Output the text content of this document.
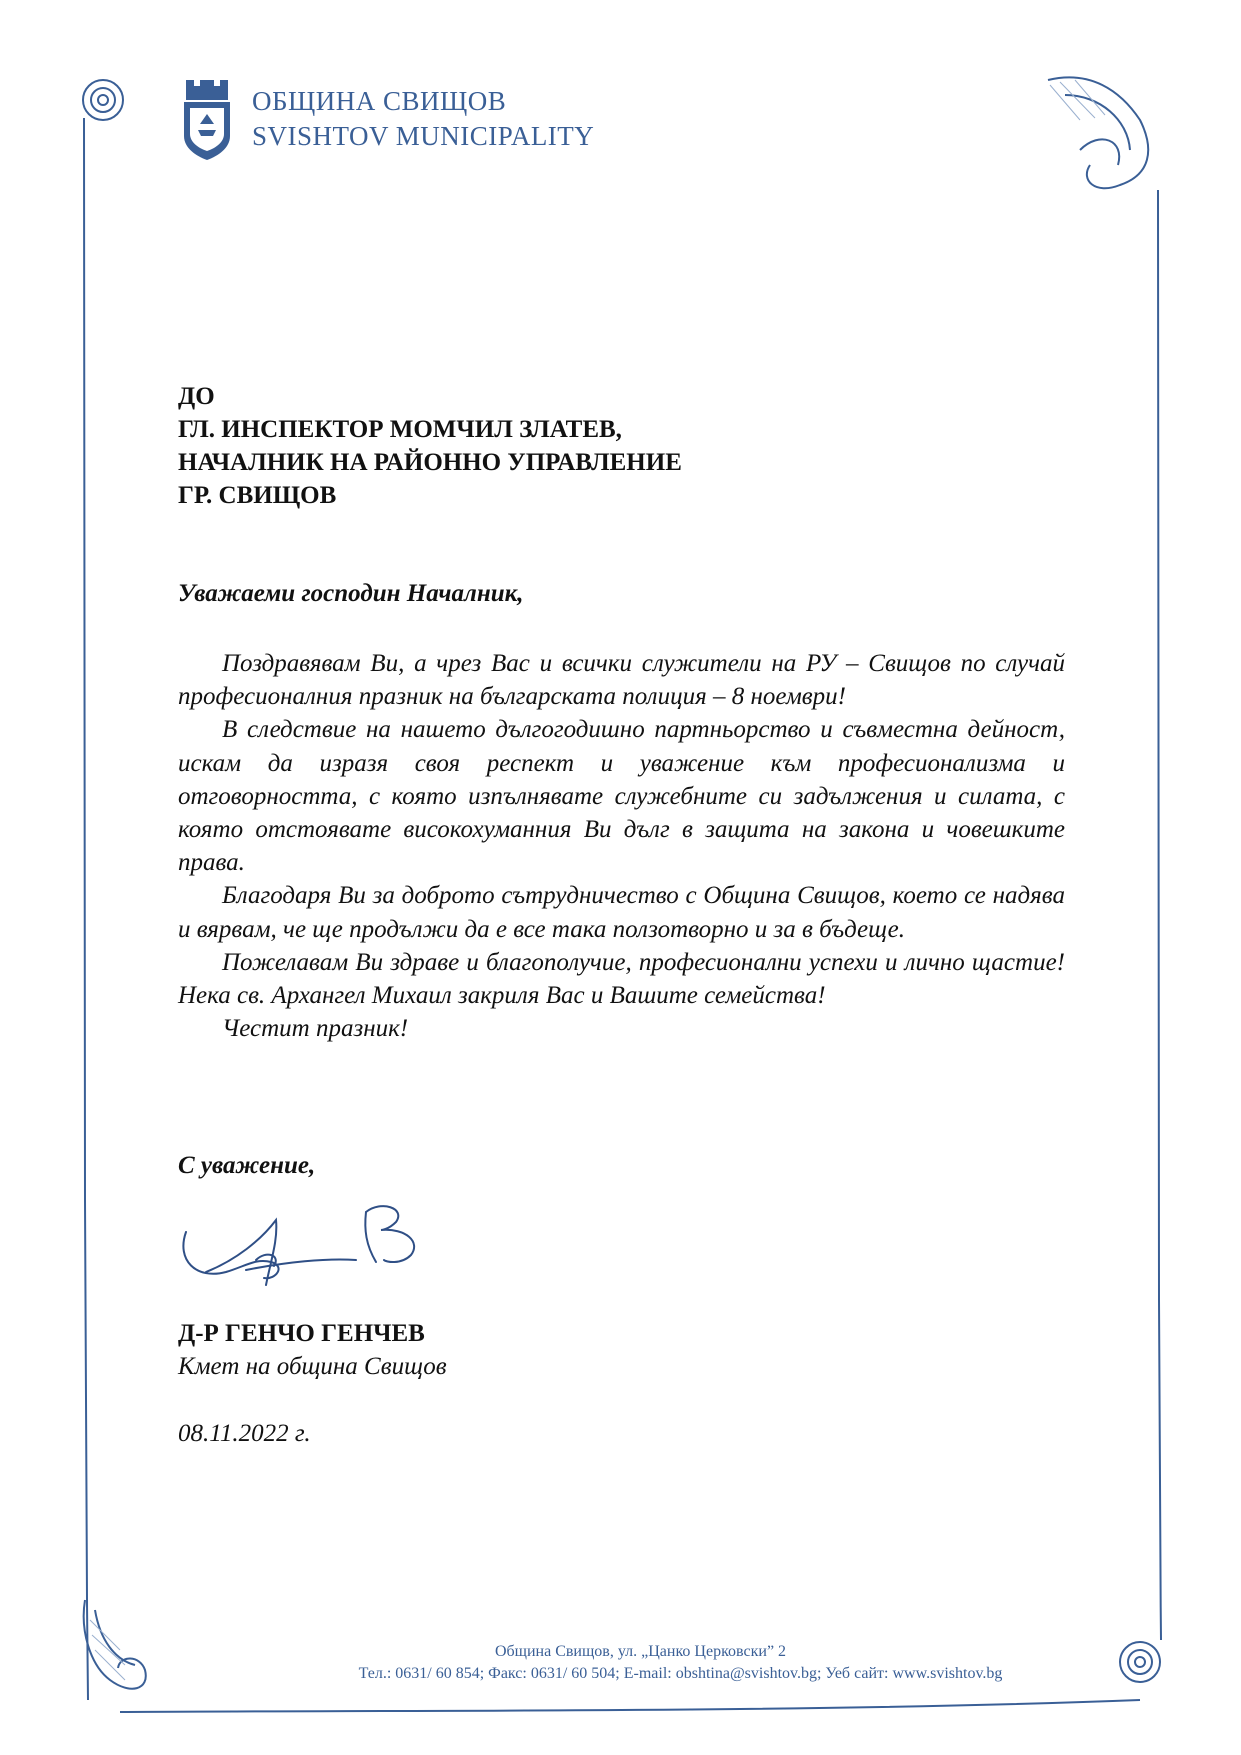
ОБЩИНА СВИЩОВ
SVISHTOV MUNICIPALITY
ДО
ГЛ. ИНСПЕКТОР МОМЧИЛ ЗЛАТЕВ,
НАЧАЛНИК НА РАЙОННО УПРАВЛЕНИЕ
ГР. СВИЩОВ
Уважаеми господин Началник,

Поздравявам Ви, а чрез Вас и всички служители на РУ – Свищов по случай професионалния празник на българската полиция – 8 ноември!

В следствие на нашето дългогодишно партньорство и съвместна дейност, искам да изразя своя респект и уважение към професионализма и отговорността, с която изпълнявате служебните си задължения и силата, с която отстоявате високохуманния Ви дълг в защита на закона и човешките права.

Благодаря Ви за доброто сътрудничество с Община Свищов, което се надява и вярвам, че ще продължи да е все така ползотворно и за в бъдеще.

Пожелавам Ви здраве и благополучие, професионални успехи и лично щастие! Нека св. Архангел Михаил закриля Вас и Вашите семейства!

Честит празник!

С уважение,
Д-Р ГЕНЧО ГЕНЧЕВ
Кмет на община Свищов
08.11.2022 г.
Община Свищов, ул. „Цанко Церковски” 2
Тел.: 0631/ 60 854; Факс: 0631/ 60 504; E-mail: obshtina@svishtov.bg; Уеб сайт: www.svishtov.bg
